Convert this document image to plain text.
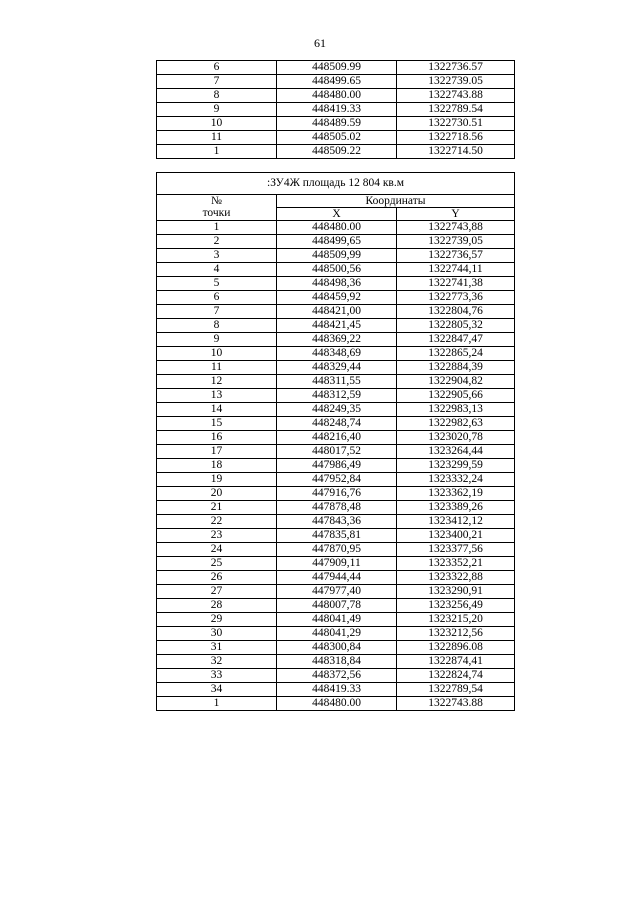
61
6	448509.99	1322736.57
7	448499.65	1322739.05
8	448480.00	1322743.88
9	448419.33	1322789.54
10	448489.59	1322730.51
11	448505.02	1322718.56
1	448509.22	1322714.50
:ЗУ4Ж площадь 12 804 кв.м		

№
точки	Координаты	
	X	Y
1	448480.00	1322743,88
2	448499,65	1322739,05
3	448509,99	1322736,57
4	448500,56	1322744,11
5	448498,36	1322741,38
6	448459,92	1322773,36
7	448421,00	1322804,76
8	448421,45	1322805,32
9	448369,22	1322847,47
10	448348,69	1322865,24
11	448329,44	1322884,39
12	448311,55	1322904,82
13	448312,59	1322905,66
14	448249,35	1322983,13
15	448248,74	1322982,63
16	448216,40	1323020,78
17	448017,52	1323264,44
18	447986,49	1323299,59
19	447952,84	1323332,24
20	447916,76	1323362,19
21	447878,48	1323389,26
22	447843,36	1323412,12
23	447835,81	1323400,21
24	447870,95	1323377,56
25	447909,11	1323352,21
26	447944,44	1323322,88
27	447977,40	1323290,91
28	448007,78	1323256,49
29	448041,49	1323215,20
30	448041,29	1323212,56
31	448300,84	1322896.08
32	448318,84	1322874,41
33	448372,56	1322824,74
34	448419.33	1322789,54
1	448480.00	1322743.88
